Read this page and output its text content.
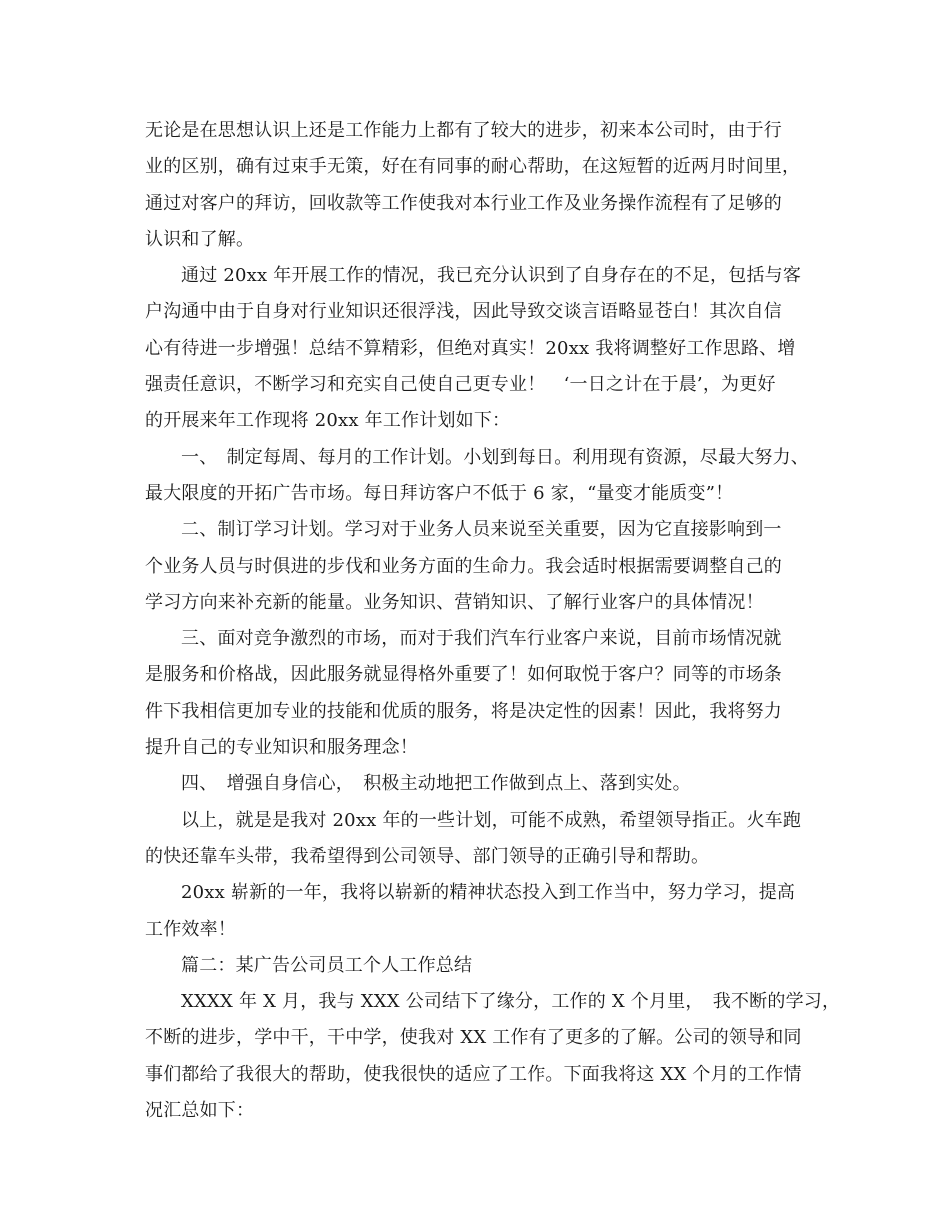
无论是在思想认识上还是工作能力上都有了较大的进步，初来本公司时，由于行
业的区别，确有过束手无策，好在有同事的耐心帮助，在这短暂的近两月时间里，
通过对客户的拜访，回收款等工作使我对本行业工作及业务操作流程有了足够的
认识和了解。
通过 20xx 年开展工作的情况，我已充分认识到了自身存在的不足，包括与客
户沟通中由于自身对行业知识还很浮浅，因此导致交谈言语略显苍白！其次自信
心有待进一步增强！总结不算精彩，但绝对真实！20xx 我将调整好工作思路、增
强责任意识，不断学习和充实自己使自己更专业！　‘一日之计在于晨’，为更好
的开展来年工作现将 20xx 年工作计划如下：
一、　制定每周、每月的工作计划。小划到每日。利用现有资源，尽最大努力、
最大限度的开拓广告市场。每日拜访客户不低于 6 家，“量变才能质变”！
二、制订学习计划。学习对于业务人员来说至关重要，因为它直接影响到一
个业务人员与时俱进的步伐和业务方面的生命力。我会适时根据需要调整自己的
学习方向来补充新的能量。业务知识、营销知识、了解行业客户的具体情况！
三、面对竞争激烈的市场，而对于我们汽车行业客户来说，目前市场情况就
是服务和价格战，因此服务就显得格外重要了！如何取悦于客户？同等的市场条
件下我相信更加专业的技能和优质的服务，将是决定性的因素！因此，我将努力
提升自己的专业知识和服务理念！
四、　增强自身信心，　积极主动地把工作做到点上、落到实处。
以上，就是是我对 20xx 年的一些计划，可能不成熟，希望领导指正。火车跑
的快还靠车头带，我希望得到公司领导、部门领导的正确引导和帮助。
20xx 崭新的一年，我将以崭新的精神状态投入到工作当中，努力学习，提高
工作效率！
篇二：某广告公司员工个人工作总结
XXXX 年 X 月，我与 XXX 公司结下了缘分，工作的 X 个月里，　我不断的学习，
不断的进步，学中干，干中学，使我对 XX 工作有了更多的了解。公司的领导和同
事们都给了我很大的帮助，使我很快的适应了工作。下面我将这 XX 个月的工作情
况汇总如下：
